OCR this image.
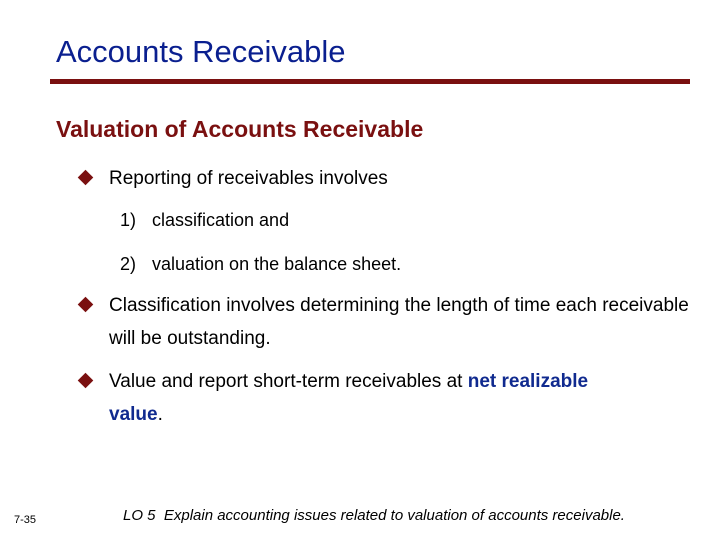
Accounts Receivable
Valuation of Accounts Receivable
Reporting of receivables involves
1) classification and
2) valuation on the balance sheet.
Classification involves determining the length of time each receivable will be outstanding.
Value and report short-term receivables at net realizable
value.
7-35	LO 5  Explain accounting issues related to valuation of accounts receivable.
